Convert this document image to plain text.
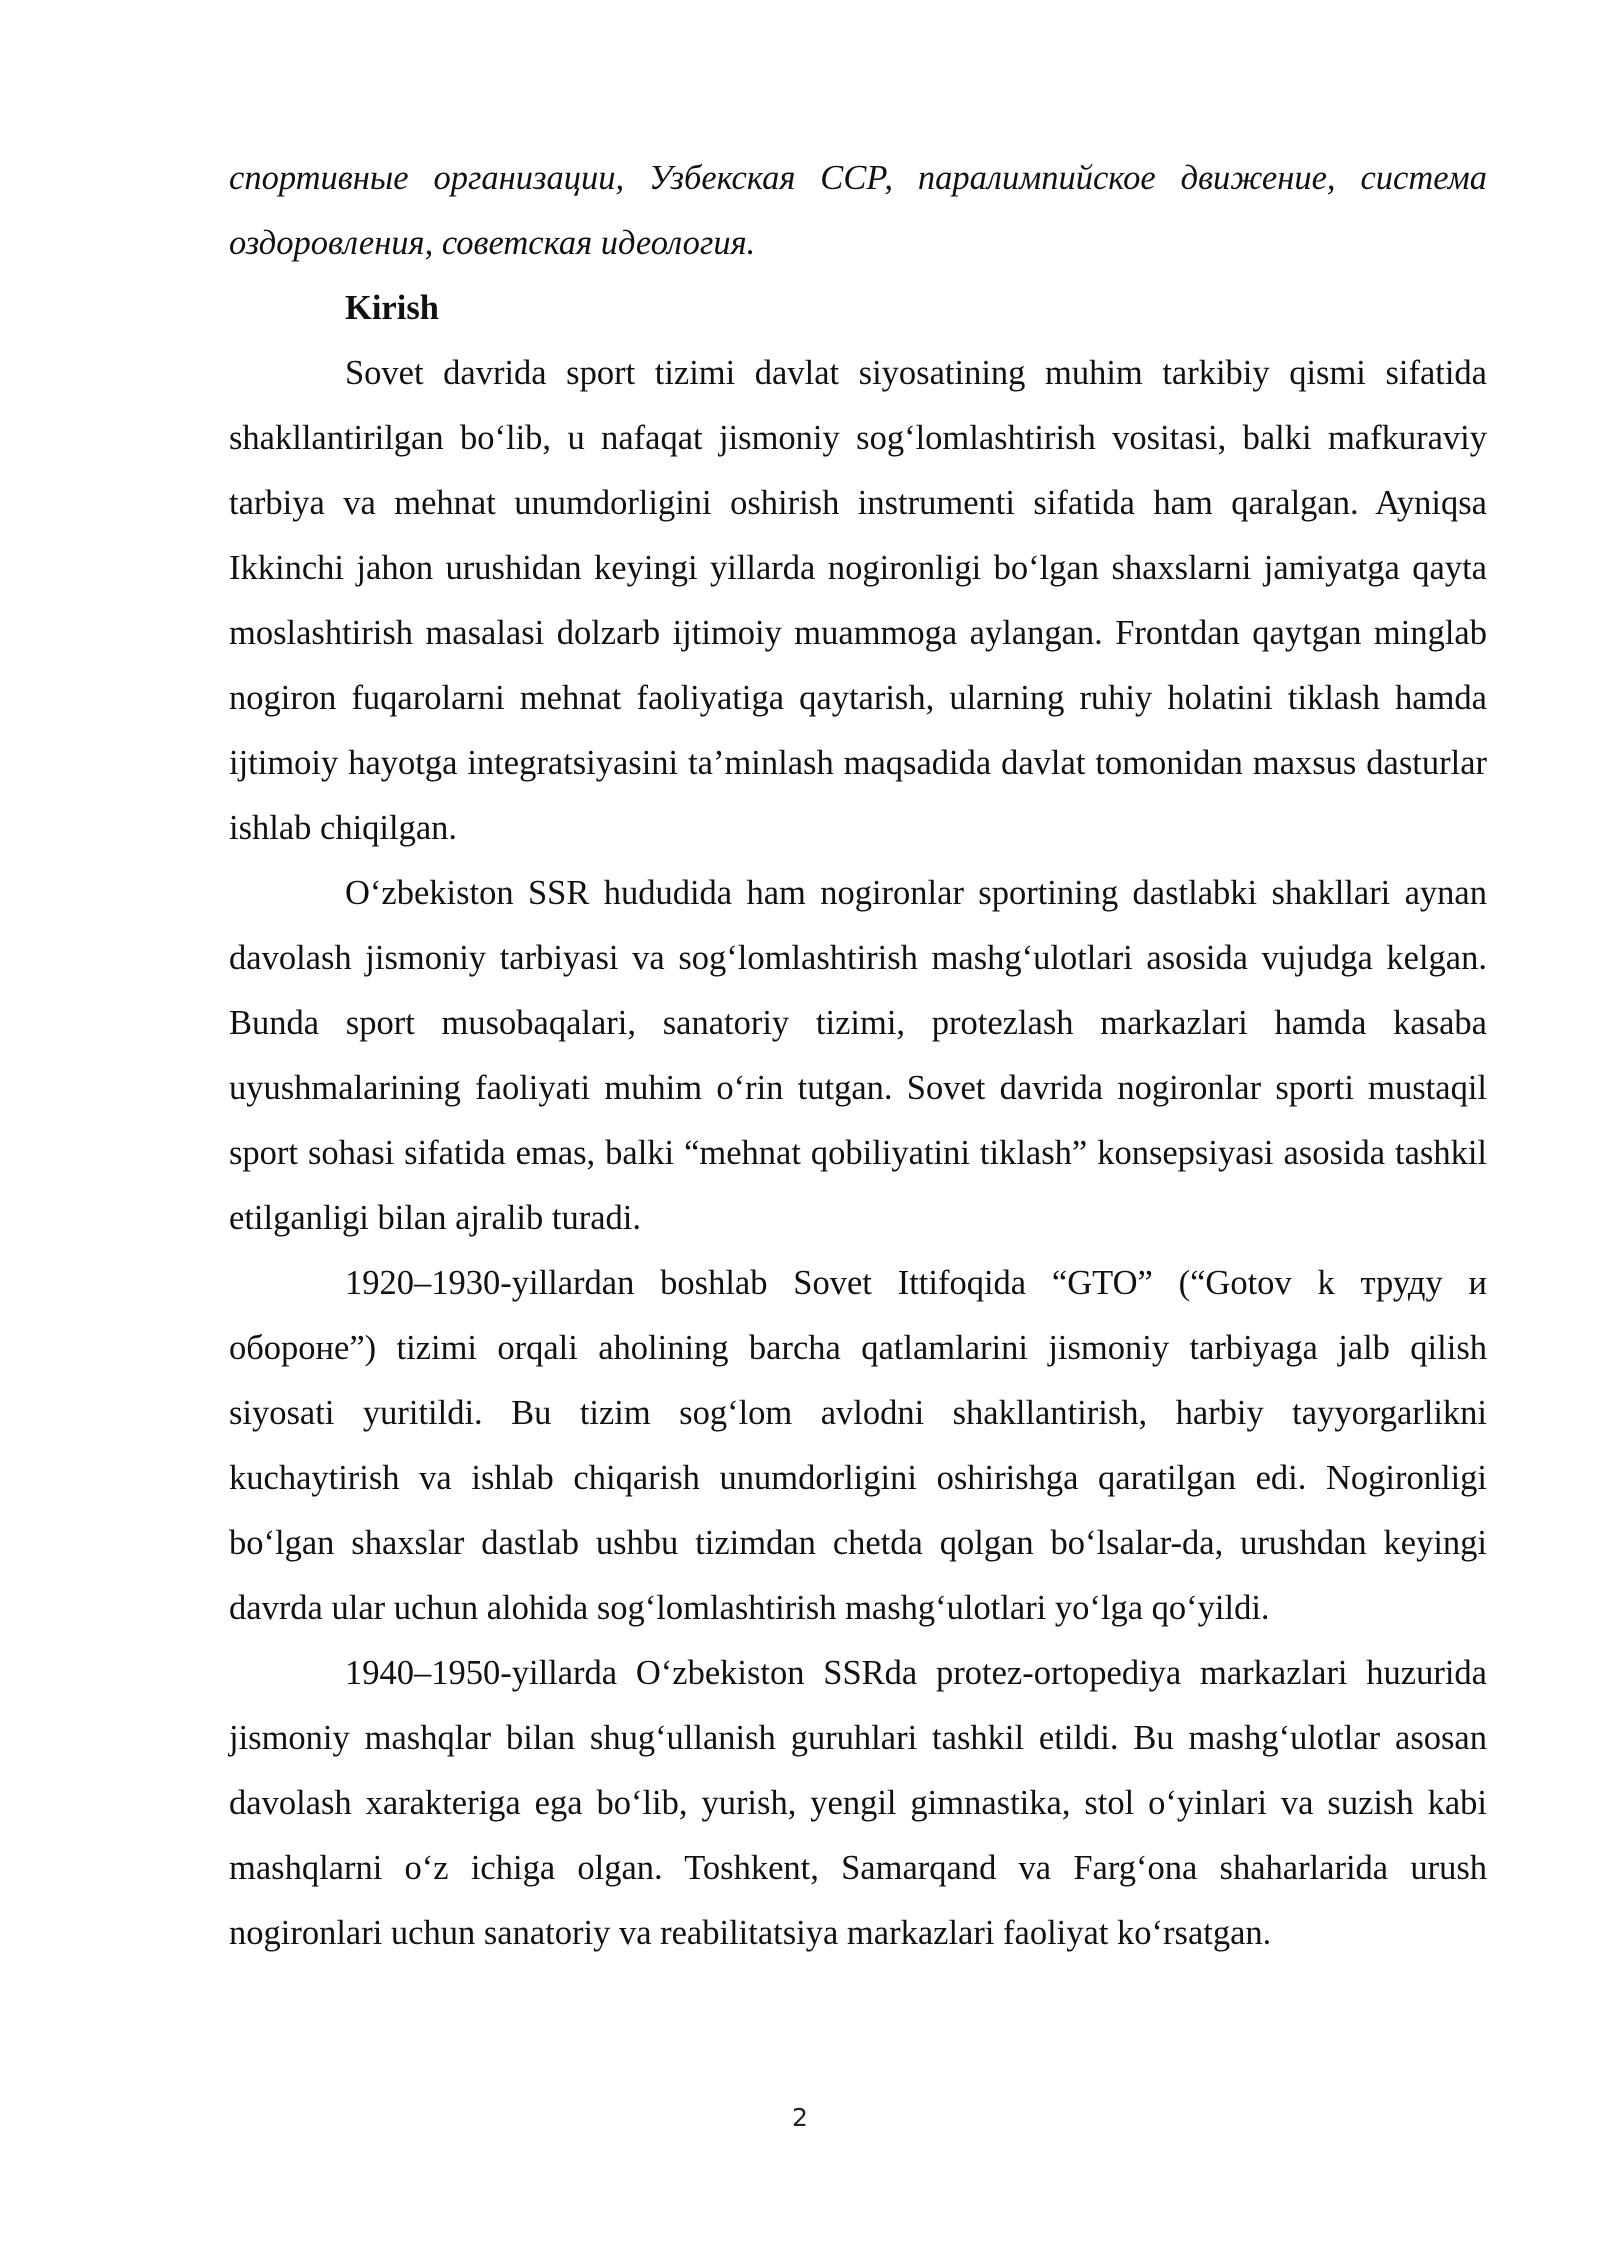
спортивные организации, Узбекская ССР, паралимпийское движение, система оздоровления, советская идеология.

Kirish

Sovet davrida sport tizimi davlat siyosatining muhim tarkibiy qismi sifatida shakllantirilgan bo‘lib, u nafaqat jismoniy sog‘lomlashtirish vositasi, balki mafkuraviy tarbiya va mehnat unumdorligini oshirish instrumenti sifatida ham qaralgan. Ayniqsa Ikkinchi jahon urushidan keyingi yillarda nogironligi bo‘lgan shaxslarni jamiyatga qayta moslashtirish masalasi dolzarb ijtimoiy muammoga aylangan. Frontdan qaytgan minglab nogiron fuqarolarni mehnat faoliyatiga qaytarish, ularning ruhiy holatini tiklash hamda ijtimoiy hayotga integratsiyasini ta’minlash maqsadida davlat tomonidan maxsus dasturlar ishlab chiqilgan.

O‘zbekiston SSR hududida ham nogironlar sportining dastlabki shakllari aynan davolash jismoniy tarbiyasi va sog‘lomlashtirish mashg‘ulotlari asosida vujudga kelgan. Bunda sport musobaqalari, sanatoriy tizimi, protezlash markazlari hamda kasaba uyushmalarining faoliyati muhim o‘rin tutgan. Sovet davrida nogironlar sporti mustaqil sport sohasi sifatida emas, balki “mehnat qobiliyatini tiklash” konsepsiyasi asosida tashkil etilganligi bilan ajralib turadi.

1920–1930-yillardan boshlab Sovet Ittifoqida “GTO” (“Gotov k труду и обороне”) tizimi orqali aholining barcha qatlamlarini jismoniy tarbiyaga jalb qilish siyosati yuritildi. Bu tizim sog‘lom avlodni shakllantirish, harbiy tayyorgarlikni kuchaytirish va ishlab chiqarish unumdorligini oshirishga qaratilgan edi. Nogironligi bo‘lgan shaxslar dastlab ushbu tizimdan chetda qolgan bo‘lsalar-da, urushdan keyingi davrda ular uchun alohida sog‘lomlashtirish mashg‘ulotlari yo‘lga qo‘yildi.

1940–1950-yillarda O‘zbekiston SSRda protez-ortopediya markazlari huzurida jismoniy mashqlar bilan shug‘ullanish guruhlari tashkil etildi. Bu mashg‘ulotlar asosan davolash xarakteriga ega bo‘lib, yurish, yengil gimnastika, stol o‘yinlari va suzish kabi mashqlarni o‘z ichiga olgan. Toshkent, Samarqand va Farg‘ona shaharlarida urush nogironlari uchun sanatoriy va reabilitatsiya markazlari faoliyat ko‘rsatgan.

2
